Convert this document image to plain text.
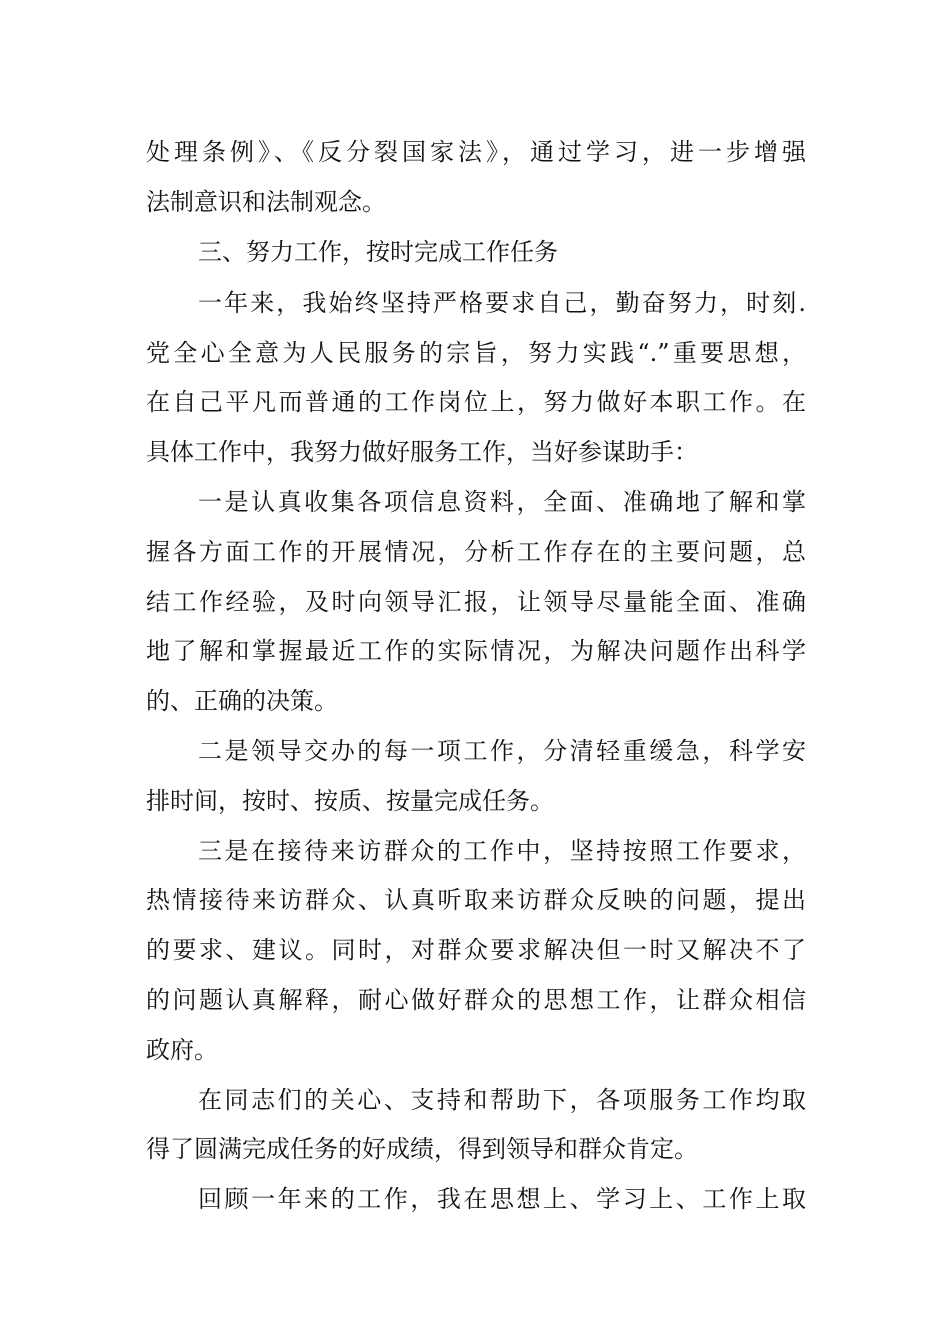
处理条例》、《反分裂国家法》，通过学习，进一步增强
法制意识和法制观念。
三、努力工作，按时完成工作任务
一年来，我始终坚持严格要求自己，勤奋努力，时刻.
党全心全意为人民服务的宗旨，努力实践“.”重要思想，
在自己平凡而普通的工作岗位上，努力做好本职工作。在
具体工作中，我努力做好服务工作，当好参谋助手：
一是认真收集各项信息资料，全面、准确地了解和掌
握各方面工作的开展情况，分析工作存在的主要问题，总
结工作经验，及时向领导汇报，让领导尽量能全面、准确
地了解和掌握最近工作的实际情况，为解决问题作出科学
的、正确的决策。
二是领导交办的每一项工作，分清轻重缓急，科学安
排时间，按时、按质、按量完成任务。
三是在接待来访群众的工作中，坚持按照工作要求，
热情接待来访群众、认真听取来访群众反映的问题，提出
的要求、建议。同时，对群众要求解决但一时又解决不了
的问题认真解释，耐心做好群众的思想工作，让群众相信
政府。
在同志们的关心、支持和帮助下，各项服务工作均取
得了圆满完成任务的好成绩，得到领导和群众肯定。
回顾一年来的工作，我在思想上、学习上、工作上取
